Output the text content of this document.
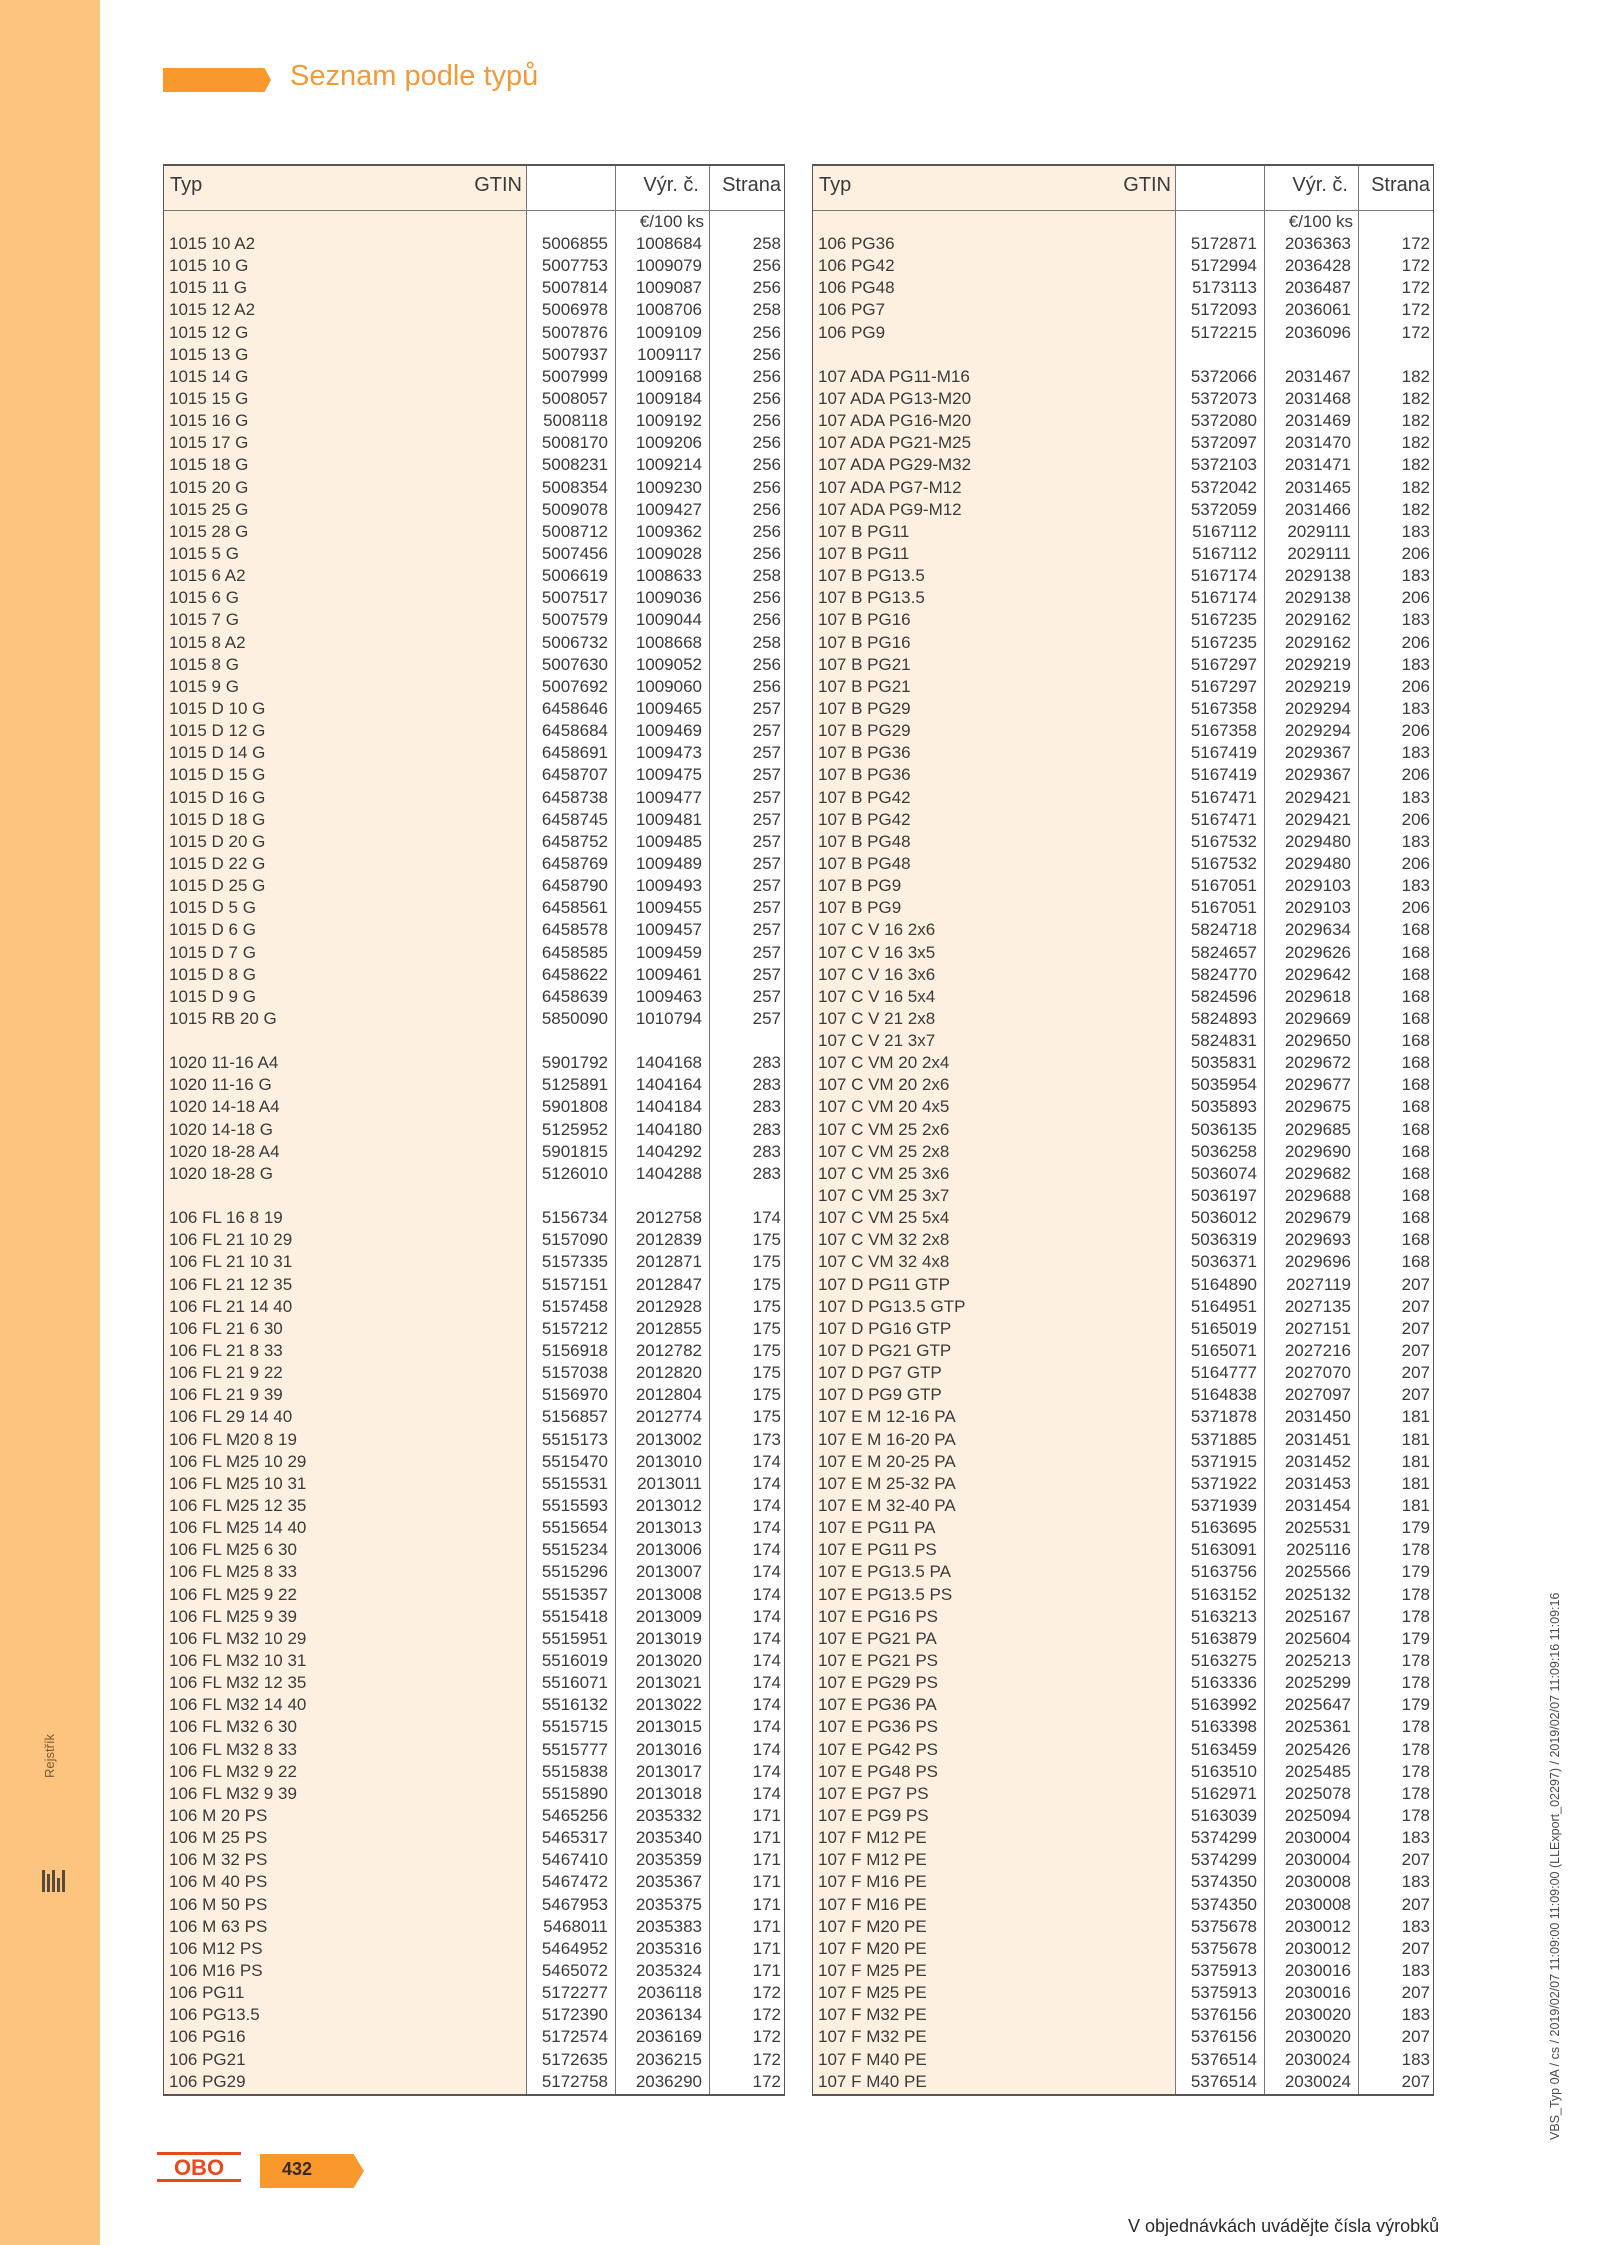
Rejstřík
Seznam podle typů
Typ	GTIN	Výr. č. Strana
€/100 ks
1015 10 A2	5006855 1008684	258
1015 10 G	5007753 1009079	256
1015 11 G	5007814 1009087	256
1015 12 A2	5006978 1008706	258
1015 12 G	5007876 1009109	256
1015 13 G	5007937 1009117	256
1015 14 G	5007999 1009168	256
1015 15 G	5008057 1009184	256
1015 16 G	5008118 1009192	256
1015 17 G	5008170 1009206	256
1015 18 G	5008231 1009214	256
1015 20 G	5008354 1009230	256
1015 25 G	5009078 1009427	256
1015 28 G	5008712 1009362	256
1015 5 G	5007456 1009028	256
1015 6 A2	5006619 1008633	258
1015 6 G	5007517 1009036	256
1015 7 G	5007579 1009044	256
1015 8 A2	5006732 1008668	258
1015 8 G	5007630 1009052	256
1015 9 G	5007692 1009060	256
1015 D 10 G	6458646 1009465	257
1015 D 12 G	6458684 1009469	257
1015 D 14 G	6458691 1009473	257
1015 D 15 G	6458707 1009475	257
1015 D 16 G	6458738 1009477	257
1015 D 18 G	6458745 1009481	257
1015 D 20 G	6458752 1009485	257
1015 D 22 G	6458769 1009489	257
1015 D 25 G	6458790 1009493	257
1015 D 5 G	6458561 1009455	257
1015 D 6 G	6458578 1009457	257
1015 D 7 G	6458585 1009459	257
1015 D 8 G	6458622 1009461	257
1015 D 9 G	6458639 1009463	257
1015 RB 20 G	5850090 1010794	257
1020 11-16 A4	5901792 1404168	283
1020 11-16 G	5125891 1404164	283
1020 14-18 A4	5901808 1404184	283
1020 14-18 G	5125952 1404180	283
1020 18-28 A4	5901815 1404292	283
1020 18-28 G	5126010 1404288	283
106 FL 16 8 19	5156734 2012758	174
106 FL 21 10 29	5157090 2012839	175
106 FL 21 10 31	5157335 2012871	175
106 FL 21 12 35	5157151 2012847	175
106 FL 21 14 40	5157458 2012928	175
106 FL 21 6 30	5157212 2012855	175
106 FL 21 8 33	5156918 2012782	175
106 FL 21 9 22	5157038 2012820	175
106 FL 21 9 39	5156970 2012804	175
106 FL 29 14 40	5156857 2012774	175
106 FL M20 8 19	5515173 2013002	173
106 FL M25 10 29	5515470 2013010	174
106 FL M25 10 31	5515531 2013011	174
106 FL M25 12 35	5515593 2013012	174
106 FL M25 14 40	5515654 2013013	174
106 FL M25 6 30	5515234 2013006	174
106 FL M25 8 33	5515296 2013007	174
106 FL M25 9 22	5515357 2013008	174
106 FL M25 9 39	5515418 2013009	174
106 FL M32 10 29	5515951 2013019	174
106 FL M32 10 31	5516019 2013020	174
106 FL M32 12 35	5516071 2013021	174
106 FL M32 14 40	5516132 2013022	174
106 FL M32 6 30	5515715 2013015	174
106 FL M32 8 33	5515777 2013016	174
106 FL M32 9 22	5515838 2013017	174
106 FL M32 9 39	5515890 2013018	174
106 M 20 PS	5465256 2035332	171
106 M 25 PS	5465317 2035340	171
106 M 32 PS	5467410 2035359	171
106 M 40 PS	5467472 2035367	171
106 M 50 PS	5467953 2035375	171
106 M 63 PS	5468011 2035383	171
106 M12 PS	5464952 2035316	171
106 M16 PS	5465072 2035324	171
106 PG11	5172277 2036118	172
106 PG13.5	5172390 2036134	172
106 PG16	5172574 2036169	172
106 PG21	5172635 2036215	172
106 PG29	5172758 2036290	172
Typ	GTIN	Výr. č. Strana
€/100 ks
106 PG36	5172871 2036363	172
106 PG42	5172994 2036428	172
106 PG48	5173113 2036487	172
106 PG7	5172093 2036061	172
106 PG9	5172215 2036096	172
107 ADA PG11-M16	5372066 2031467	182
107 ADA PG13-M20	5372073 2031468	182
107 ADA PG16-M20	5372080 2031469	182
107 ADA PG21-M25	5372097 2031470	182
107 ADA PG29-M32	5372103 2031471	182
107 ADA PG7-M12	5372042 2031465	182
107 ADA PG9-M12	5372059 2031466	182
107 B PG11	5167112 2029111	183
107 B PG11	5167112 2029111	206
107 B PG13.5	5167174 2029138	183
107 B PG13.5	5167174 2029138	206
107 B PG16	5167235 2029162	183
107 B PG16	5167235 2029162	206
107 B PG21	5167297 2029219	183
107 B PG21	5167297 2029219	206
107 B PG29	5167358 2029294	183
107 B PG29	5167358 2029294	206
107 B PG36	5167419 2029367	183
107 B PG36	5167419 2029367	206
107 B PG42	5167471 2029421	183
107 B PG42	5167471 2029421	206
107 B PG48	5167532 2029480	183
107 B PG48	5167532 2029480	206
107 B PG9	5167051 2029103	183
107 B PG9	5167051 2029103	206
107 C V 16 2x6	5824718 2029634	168
107 C V 16 3x5	5824657 2029626	168
107 C V 16 3x6	5824770 2029642	168
107 C V 16 5x4	5824596 2029618	168
107 C V 21 2x8	5824893 2029669	168
107 C V 21 3x7	5824831 2029650	168
107 C VM 20 2x4	5035831 2029672	168
107 C VM 20 2x6	5035954 2029677	168
107 C VM 20 4x5	5035893 2029675	168
107 C VM 25 2x6	5036135 2029685	168
107 C VM 25 2x8	5036258 2029690	168
107 C VM 25 3x6	5036074 2029682	168
107 C VM 25 3x7	5036197 2029688	168
107 C VM 25 5x4	5036012 2029679	168
107 C VM 32 2x8	5036319 2029693	168
107 C VM 32 4x8	5036371 2029696	168
107 D PG11 GTP	5164890 2027119	207
107 D PG13.5 GTP	5164951 2027135	207
107 D PG16 GTP	5165019 2027151	207
107 D PG21 GTP	5165071 2027216	207
107 D PG7 GTP	5164777 2027070	207
107 D PG9 GTP	5164838 2027097	207
107 E M 12-16 PA	5371878 2031450	181
107 E M 16-20 PA	5371885 2031451	181
107 E M 20-25 PA	5371915 2031452	181
107 E M 25-32 PA	5371922 2031453	181
107 E M 32-40 PA	5371939 2031454	181
107 E PG11 PA	5163695 2025531	179
107 E PG11 PS	5163091 2025116	178
107 E PG13.5 PA	5163756 2025566	179
107 E PG13.5 PS	5163152 2025132	178
107 E PG16 PS	5163213 2025167	178
107 E PG21 PA	5163879 2025604	179
107 E PG21 PS	5163275 2025213	178
107 E PG29 PS	5163336 2025299	178
107 E PG36 PA	5163992 2025647	179
107 E PG36 PS	5163398 2025361	178
107 E PG42 PS	5163459 2025426	178
107 E PG48 PS	5163510 2025485	178
107 E PG7 PS	5162971 2025078	178
107 E PG9 PS	5163039 2025094	178
107 F M12 PE	5374299 2030004	183
107 F M12 PE	5374299 2030004	207
107 F M16 PE	5374350 2030008	183
107 F M16 PE	5374350 2030008	207
107 F M20 PE	5375678 2030012	183
107 F M20 PE	5375678 2030012	207
107 F M25 PE	5375913 2030016	183
107 F M25 PE	5375913 2030016	207
107 F M32 PE	5376156 2030020	183
107 F M32 PE	5376156 2030020	207
107 F M40 PE	5376514 2030024	183
107 F M40 PE	5376514 2030024	207	VBS_Typ 0A / cs / 2019/02/07 11:09:00 11:09:00 (LLExport_02297) / 2019/02/07 11:09:16 11:09:16
OBO	432
V objednávkách uvádějte čísla výrobků
